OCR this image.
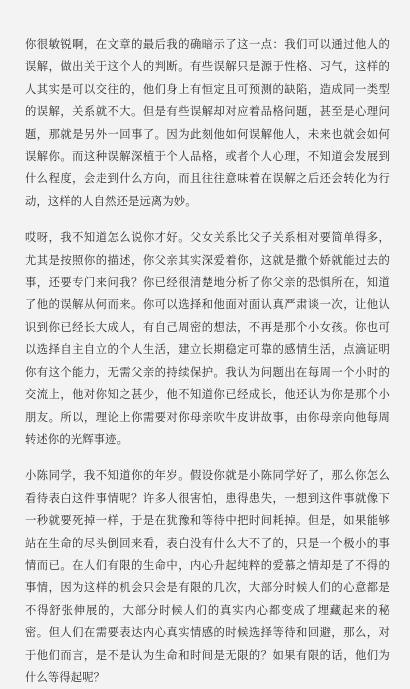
你很敏锐啊，在文章的最后我的确暗示了这一点：我们可以通过他人的误解，做出关于这个人的判断。有些误解只是源于性格、习气，这样的人其实是可以交往的，他们身上有恒定且可预测的缺陷，造成同一类型的误解，关系就不大。但是有些误解却对应着品格问题，甚至是心理问题，那就是另外一回事了。因为此刻他如何误解他人，未来也就会如何误解你。而这种误解深植于个人品格，或者个人心理，不知道会发展到什么程度，会走到什么方向，而且往往意味着在误解之后还会转化为行动，这样的人自然还是远离为妙。

哎呀，我不知道怎么说你才好。父女关系比父子关系相对要简单得多，尤其是按照你的描述，你父亲其实深爱着你，这就是撒个娇就能过去的事，还要专门来问我？你已经很清楚地分析了你父亲的恐惧所在，知道了他的误解从何而来。你可以选择和他面对面认真严肃谈一次，让他认识到你已经长大成人，有自己周密的想法，不再是那个小女孩。你也可以选择自主自立的个人生活，建立长期稳定可靠的感情生活，点滴证明你有这个能力，无需父亲的持续保护。我认为问题出在每周一个小时的交流上，他对你知之甚少，他不知道你已经成长，他还认为你是那个小朋友。所以，理论上你需要对你母亲吹牛皮讲故事，由你母亲向他每周转述你的光辉事迹。

小陈同学，我不知道你的年岁。假设你就是小陈同学好了，那么你怎么看待表白这件事情呢？许多人很害怕，患得患失，一想到这件事就像下一秒就要死掉一样，于是在犹豫和等待中把时间耗掉。但是，如果能够站在生命的尽头倒回来看，表白没有什么大不了的，只是一个极小的事情而已。在人们有限的生命中，内心升起纯粹的爱慕之情却是了不得的事情，因为这样的机会只会是有限的几次，大部分时候人们的心意都是不得舒张伸展的，大部分时候人们的真实内心都变成了埋藏起来的秘密。但人们在需要表达内心真实情感的时候选择等待和回避，那么，对于他们而言，是不是认为生命和时间是无限的？如果有限的话，他们为什么等得起呢？
